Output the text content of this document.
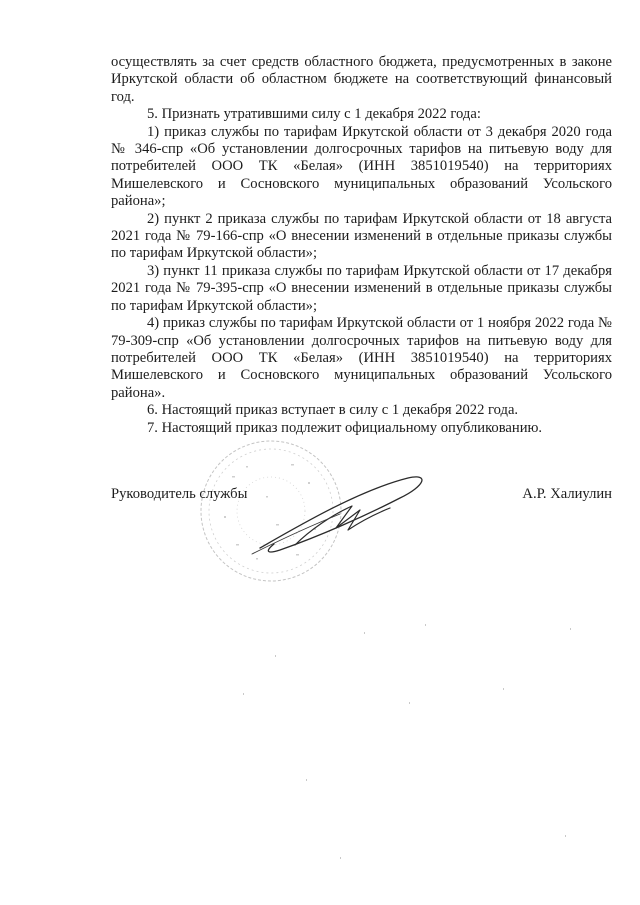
осуществлять за счет средств областного бюджета, предусмотренных в законе Иркутской области об областном бюджете на соответствующий финансовый год.

5. Признать утратившими силу с 1 декабря 2022 года:

1) приказ службы по тарифам Иркутской области от 3 декабря 2020 года № 346-спр «Об установлении долгосрочных тарифов на питьевую воду для потребителей ООО ТК «Белая» (ИНН 3851019540) на территориях Мишелевского и Сосновского муниципальных образований Усольского района»;

2) пункт 2 приказа службы по тарифам Иркутской области от 18 августа 2021 года № 79-166-спр «О внесении изменений в отдельные приказы службы по тарифам Иркутской области»;

3) пункт 11 приказа службы по тарифам Иркутской области от 17 декабря 2021 года № 79-395-спр «О внесении изменений в отдельные приказы службы по тарифам Иркутской области»;

4) приказ службы по тарифам Иркутской области от 1 ноября 2022 года № 79-309-спр «Об установлении долгосрочных тарифов на питьевую воду для потребителей ООО ТК «Белая» (ИНН 3851019540) на территориях Мишелевского и Сосновского муниципальных образований Усольского района».

6. Настоящий приказ вступает в силу с 1 декабря 2022 года.

7. Настоящий приказ подлежит официальному опубликованию.

Руководитель службы	А.Р. Халиулин
